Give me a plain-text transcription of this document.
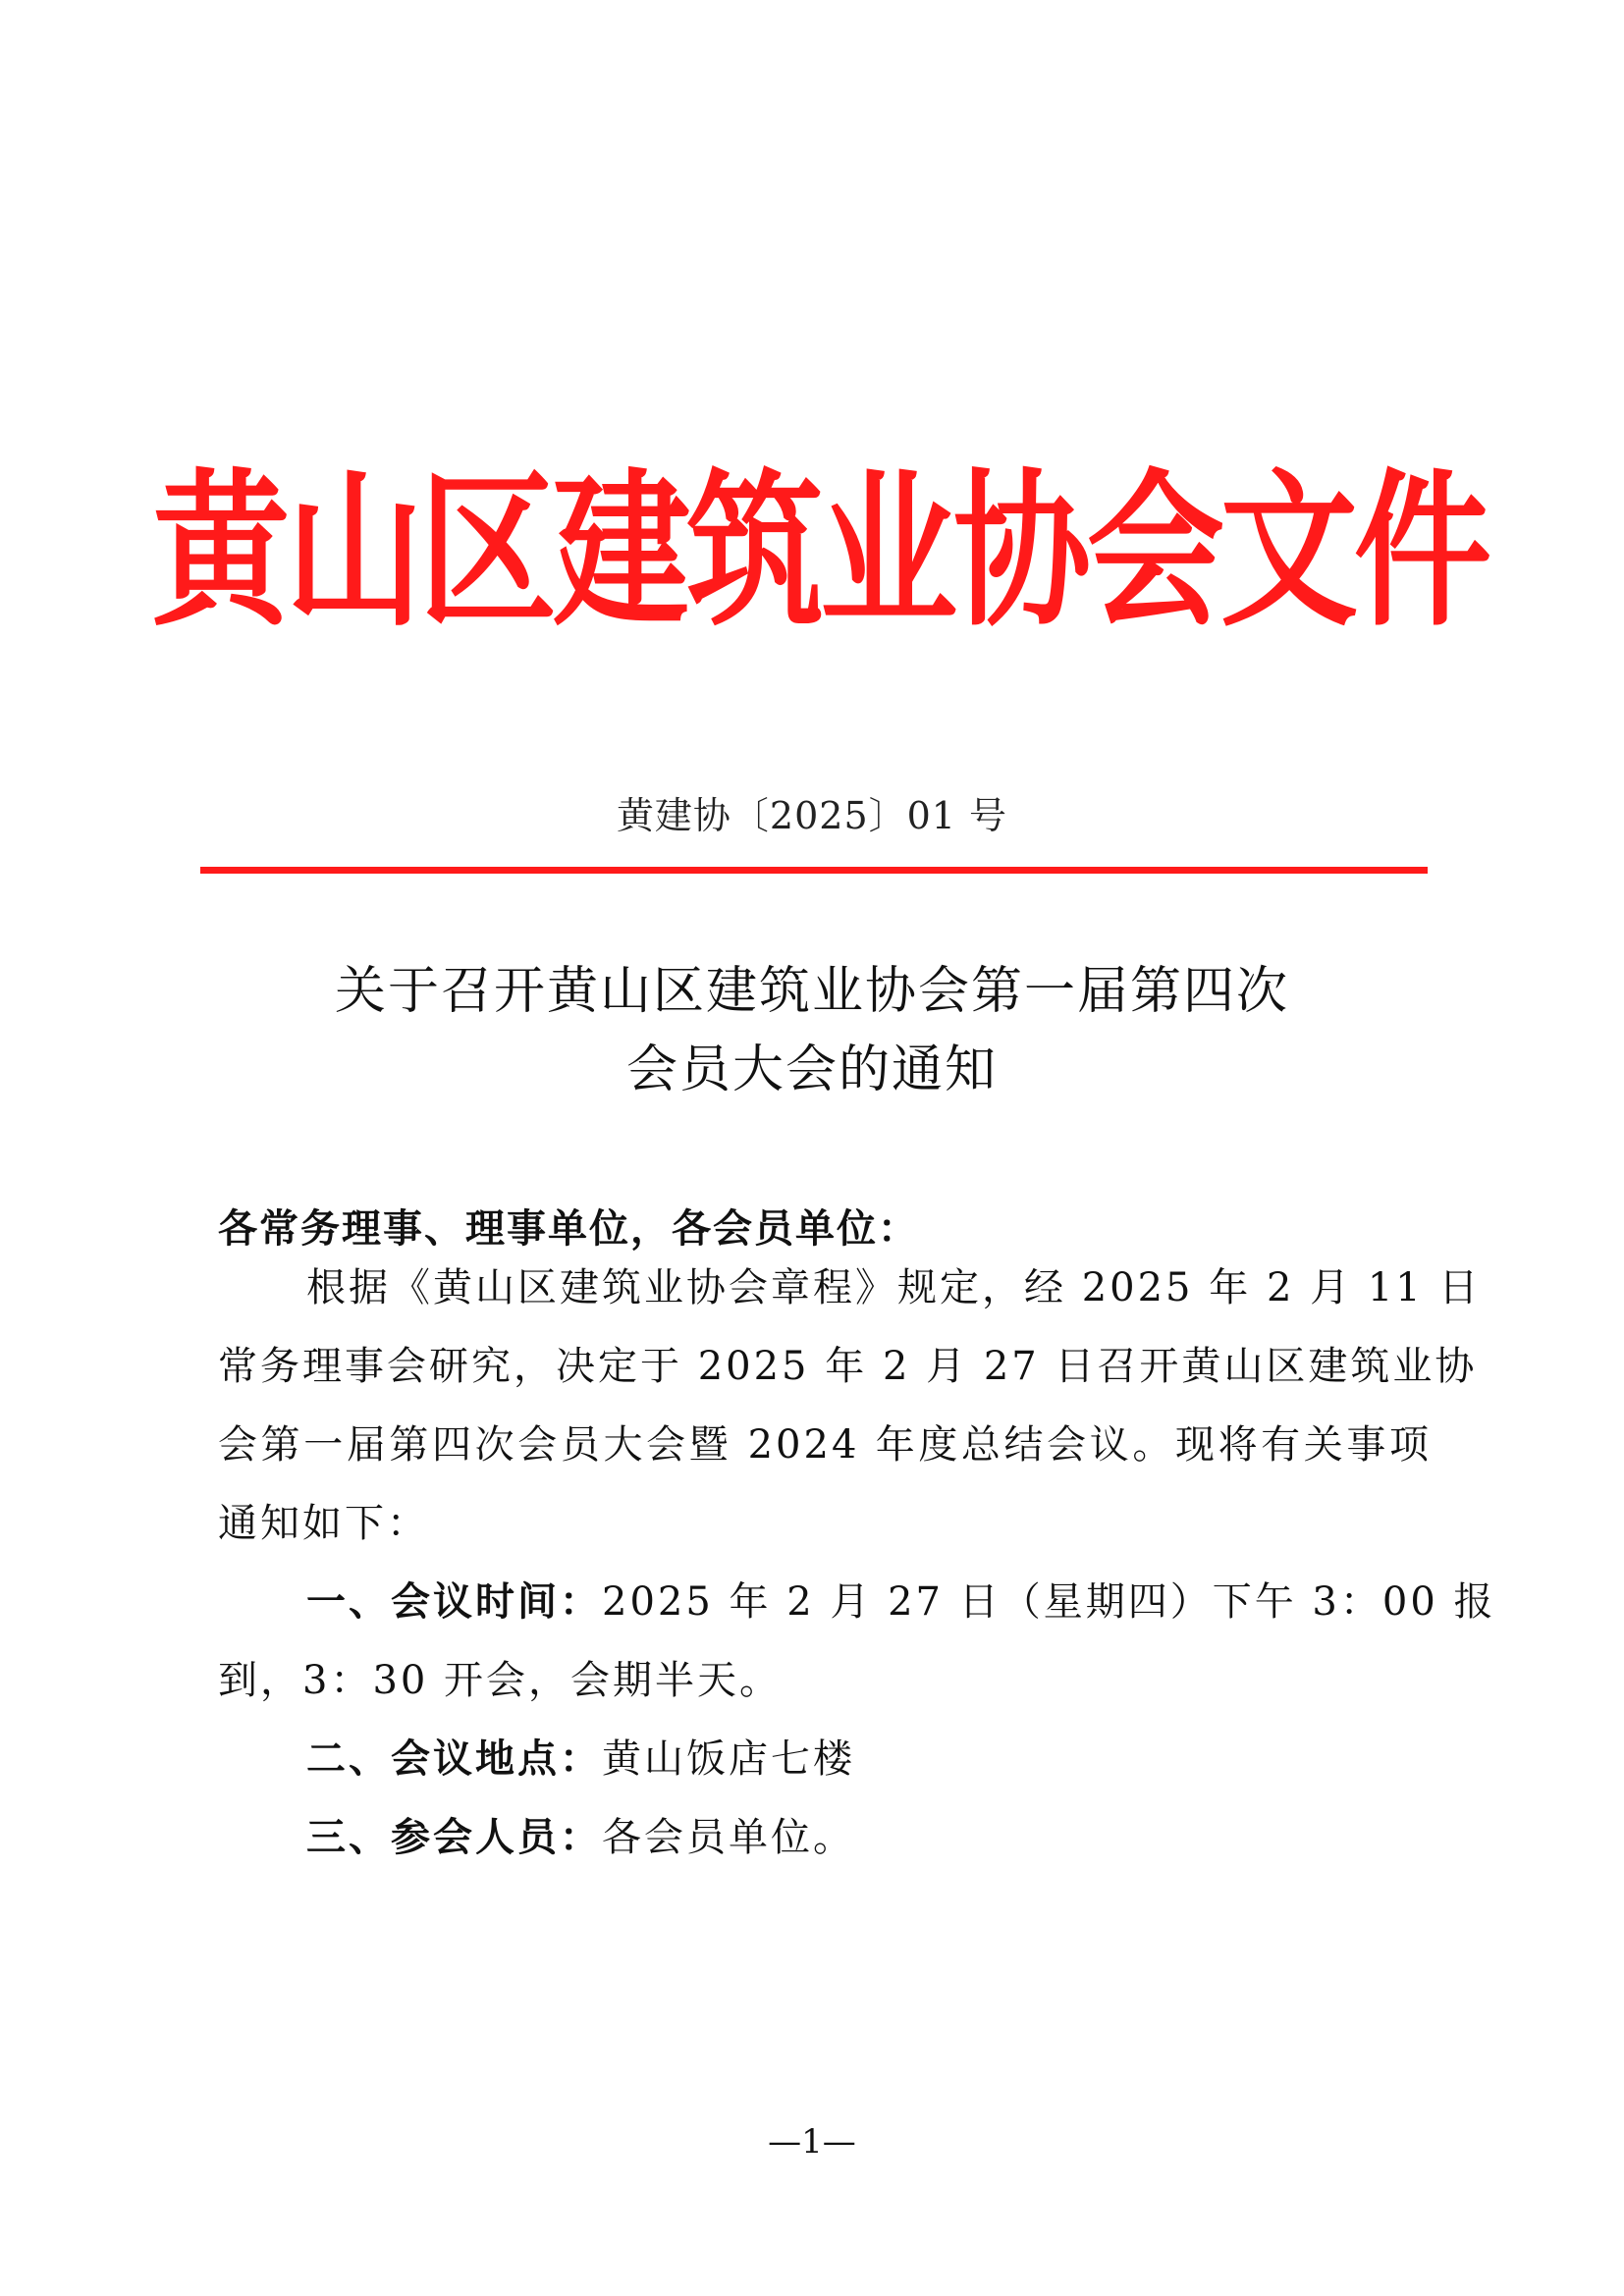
黄山区建筑业协会文件
黄建协〔2025〕01 号
关于召开黄山区建筑业协会第一届第四次
会员大会的通知
各常务理事、理事单位，各会员单位：
根据《黄山区建筑业协会章程》规定，经 2025 年 2 月 11 日
常务理事会研究，决定于 2025 年 2 月 27 日召开黄山区建筑业协
会第一届第四次会员大会暨 2024 年度总结会议。现将有关事项
通知如下：
一、会议时间：2025 年 2 月 27 日（星期四）下午 3：00 报
到，3：30 开会，会期半天。
二、会议地点：黄山饭店七楼
三、参会人员：各会员单位。
—1—
